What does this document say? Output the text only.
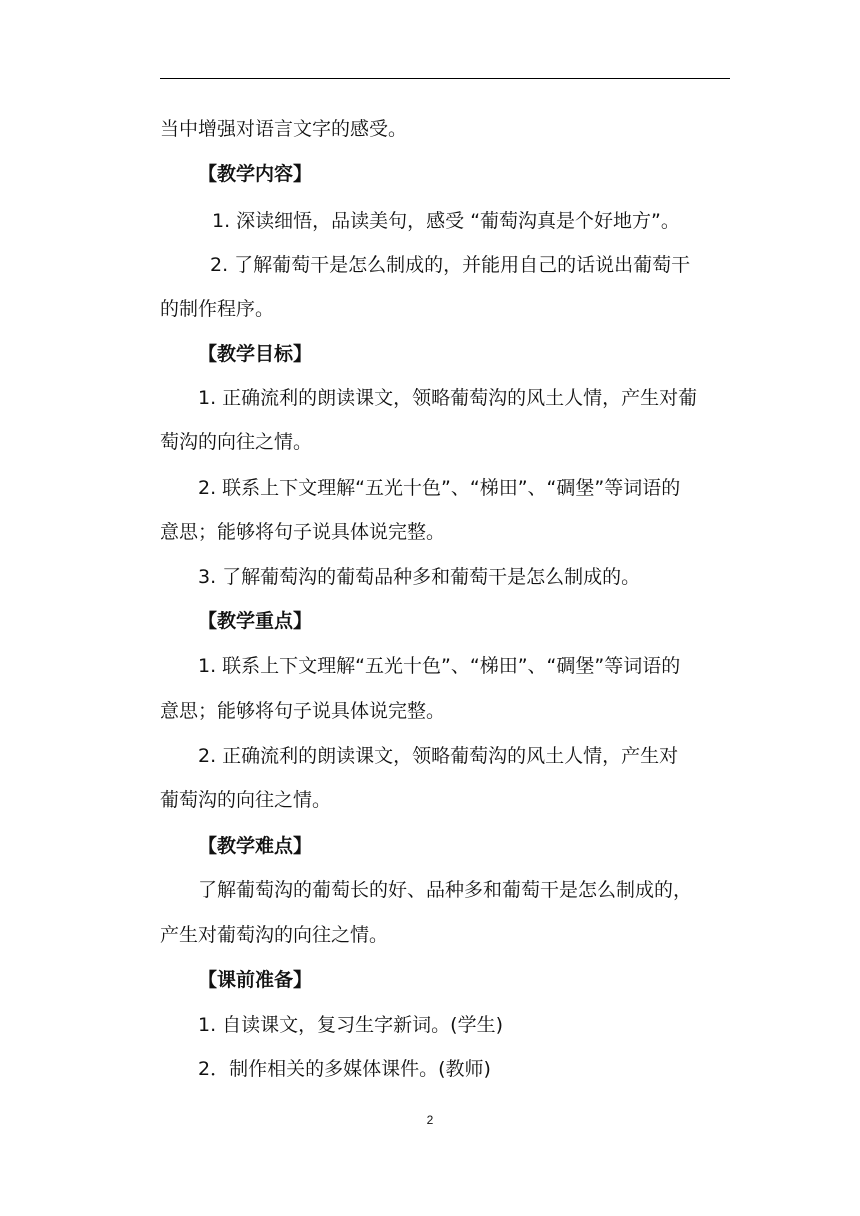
当中增强对语言文字的感受。
【教学内容】
1. 深读细悟，品读美句，感受 “葡萄沟真是个好地方”。
2. 了解葡萄干是怎么制成的，并能用自己的话说出葡萄干
的制作程序。
【教学目标】
1. 正确流利的朗读课文，领略葡萄沟的风土人情，产生对葡
萄沟的向往之情。
2. 联系上下文理解“五光十色”、“梯田”、“碉堡”等词语的
意思；能够将句子说具体说完整。
3. 了解葡萄沟的葡萄品种多和葡萄干是怎么制成的。
【教学重点】
1. 联系上下文理解“五光十色”、“梯田”、“碉堡”等词语的
意思；能够将句子说具体说完整。
2. 正确流利的朗读课文，领略葡萄沟的风土人情，产生对
葡萄沟的向往之情。
【教学难点】
了解葡萄沟的葡萄长的好、品种多和葡萄干是怎么制成的，
产生对葡萄沟的向往之情。
【课前准备】
1. 自读课文，复习生字新词。(学生)
2．制作相关的多媒体课件。(教师)
2
